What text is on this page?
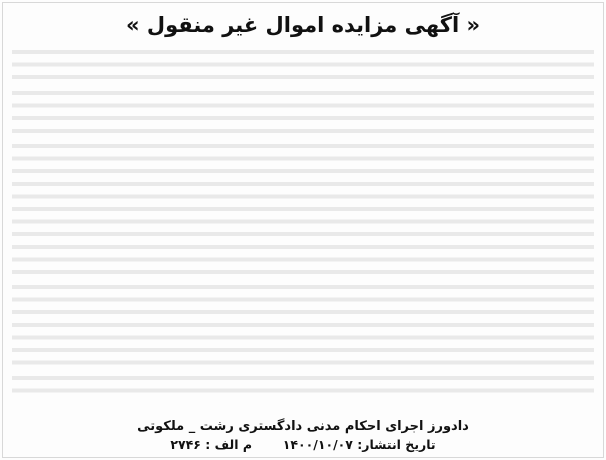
« آگهی مزایده اموال غیر منقول »

دادورز اجرای احکام مدنی دادگستری رشت _ ملکوتی
تاریخ انتشار: ۱۴۰۰/۱۰/۰۷  م الف : ۲۷۴۶
